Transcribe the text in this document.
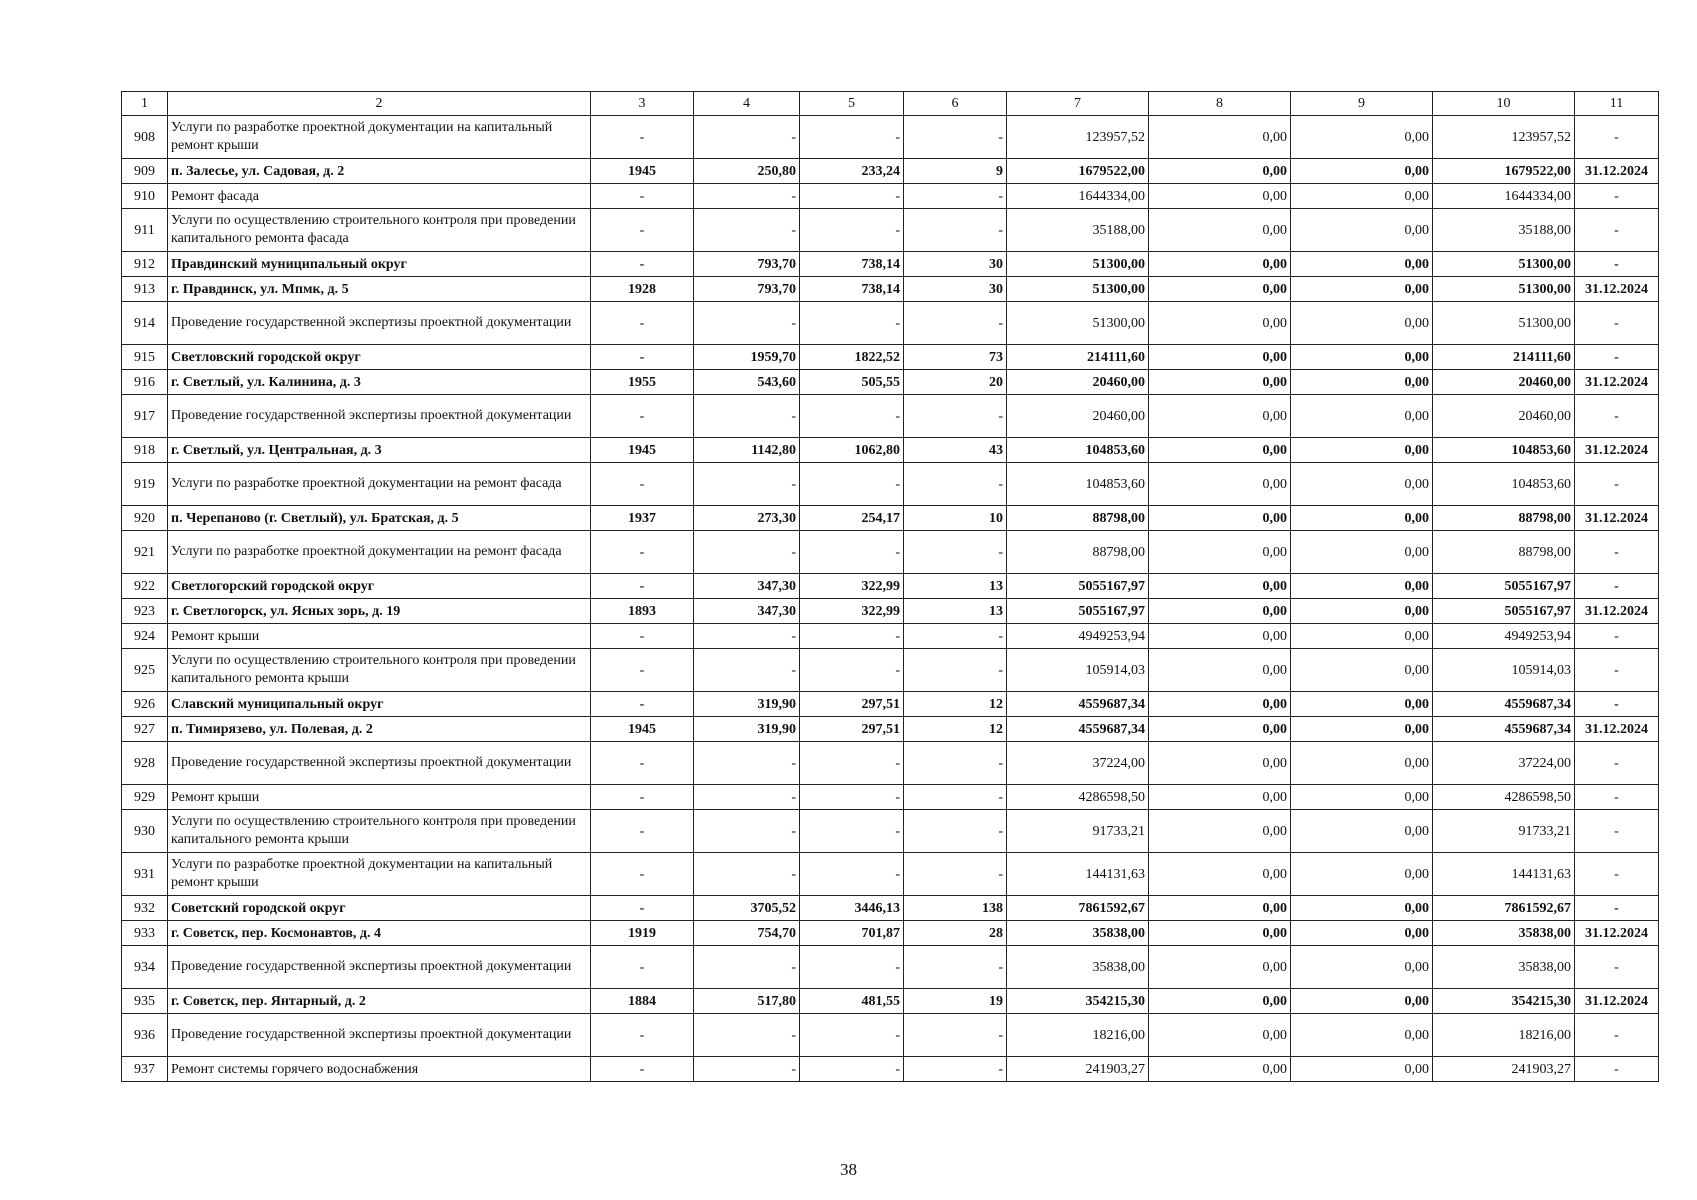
1	2	3	4	5	6	7	8	9	10	11
908	Услуги по разработке проектной документации на капитальный ремонт крыши	-	-	-	-	123957,52	0,00	0,00	123957,52	-
909	п. Залесье, ул. Садовая, д. 2	1945	250,80	233,24	9	1679522,00	0,00	0,00	1679522,00	31.12.2024
910	Ремонт фасада	-	-	-	-	1644334,00	0,00	0,00	1644334,00	-
911	Услуги по осуществлению строительного контроля при проведении капитального ремонта фасада	-	-	-	-	35188,00	0,00	0,00	35188,00	-
912	Правдинский муниципальный округ	-	793,70	738,14	30	51300,00	0,00	0,00	51300,00	-
913	г. Правдинск, ул. Мпмк, д. 5	1928	793,70	738,14	30	51300,00	0,00	0,00	51300,00	31.12.2024
914	Проведение государственной экспертизы проектной документации	-	-	-	-	51300,00	0,00	0,00	51300,00	-
915	Светловский городской округ	-	1959,70	1822,52	73	214111,60	0,00	0,00	214111,60	-
916	г. Светлый, ул. Калинина, д. 3	1955	543,60	505,55	20	20460,00	0,00	0,00	20460,00	31.12.2024
917	Проведение государственной экспертизы проектной документации	-	-	-	-	20460,00	0,00	0,00	20460,00	-
918	г. Светлый, ул. Центральная, д. 3	1945	1142,80	1062,80	43	104853,60	0,00	0,00	104853,60	31.12.2024
919	Услуги по разработке проектной документации на ремонт фасада	-	-	-	-	104853,60	0,00	0,00	104853,60	-
920	п. Черепаново (г. Светлый), ул. Братская, д. 5	1937	273,30	254,17	10	88798,00	0,00	0,00	88798,00	31.12.2024
921	Услуги по разработке проектной документации на ремонт фасада	-	-	-	-	88798,00	0,00	0,00	88798,00	-
922	Светлогорский городской округ	-	347,30	322,99	13	5055167,97	0,00	0,00	5055167,97	-
923	г. Светлогорск, ул. Ясных зорь, д. 19	1893	347,30	322,99	13	5055167,97	0,00	0,00	5055167,97	31.12.2024
924	Ремонт крыши	-	-	-	-	4949253,94	0,00	0,00	4949253,94	-
925	Услуги по осуществлению строительного контроля при проведении капитального ремонта крыши	-	-	-	-	105914,03	0,00	0,00	105914,03	-
926	Славский муниципальный округ	-	319,90	297,51	12	4559687,34	0,00	0,00	4559687,34	-
927	п. Тимирязево, ул. Полевая, д. 2	1945	319,90	297,51	12	4559687,34	0,00	0,00	4559687,34	31.12.2024
928	Проведение государственной экспертизы проектной документации	-	-	-	-	37224,00	0,00	0,00	37224,00	-
929	Ремонт крыши	-	-	-	-	4286598,50	0,00	0,00	4286598,50	-
930	Услуги по осуществлению строительного контроля при проведении капитального ремонта крыши	-	-	-	-	91733,21	0,00	0,00	91733,21	-
931	Услуги по разработке проектной документации на капитальный ремонт крыши	-	-	-	-	144131,63	0,00	0,00	144131,63	-
932	Советский городской округ	-	3705,52	3446,13	138	7861592,67	0,00	0,00	7861592,67	-
933	г. Советск, пер. Космонавтов, д. 4	1919	754,70	701,87	28	35838,00	0,00	0,00	35838,00	31.12.2024
934	Проведение государственной экспертизы проектной документации	-	-	-	-	35838,00	0,00	0,00	35838,00	-
935	г. Советск, пер. Янтарный, д. 2	1884	517,80	481,55	19	354215,30	0,00	0,00	354215,30	31.12.2024
936	Проведение государственной экспертизы проектной документации	-	-	-	-	18216,00	0,00	0,00	18216,00	-
937	Ремонт системы горячего водоснабжения	-	-	-	-	241903,27	0,00	0,00	241903,27	-
38
